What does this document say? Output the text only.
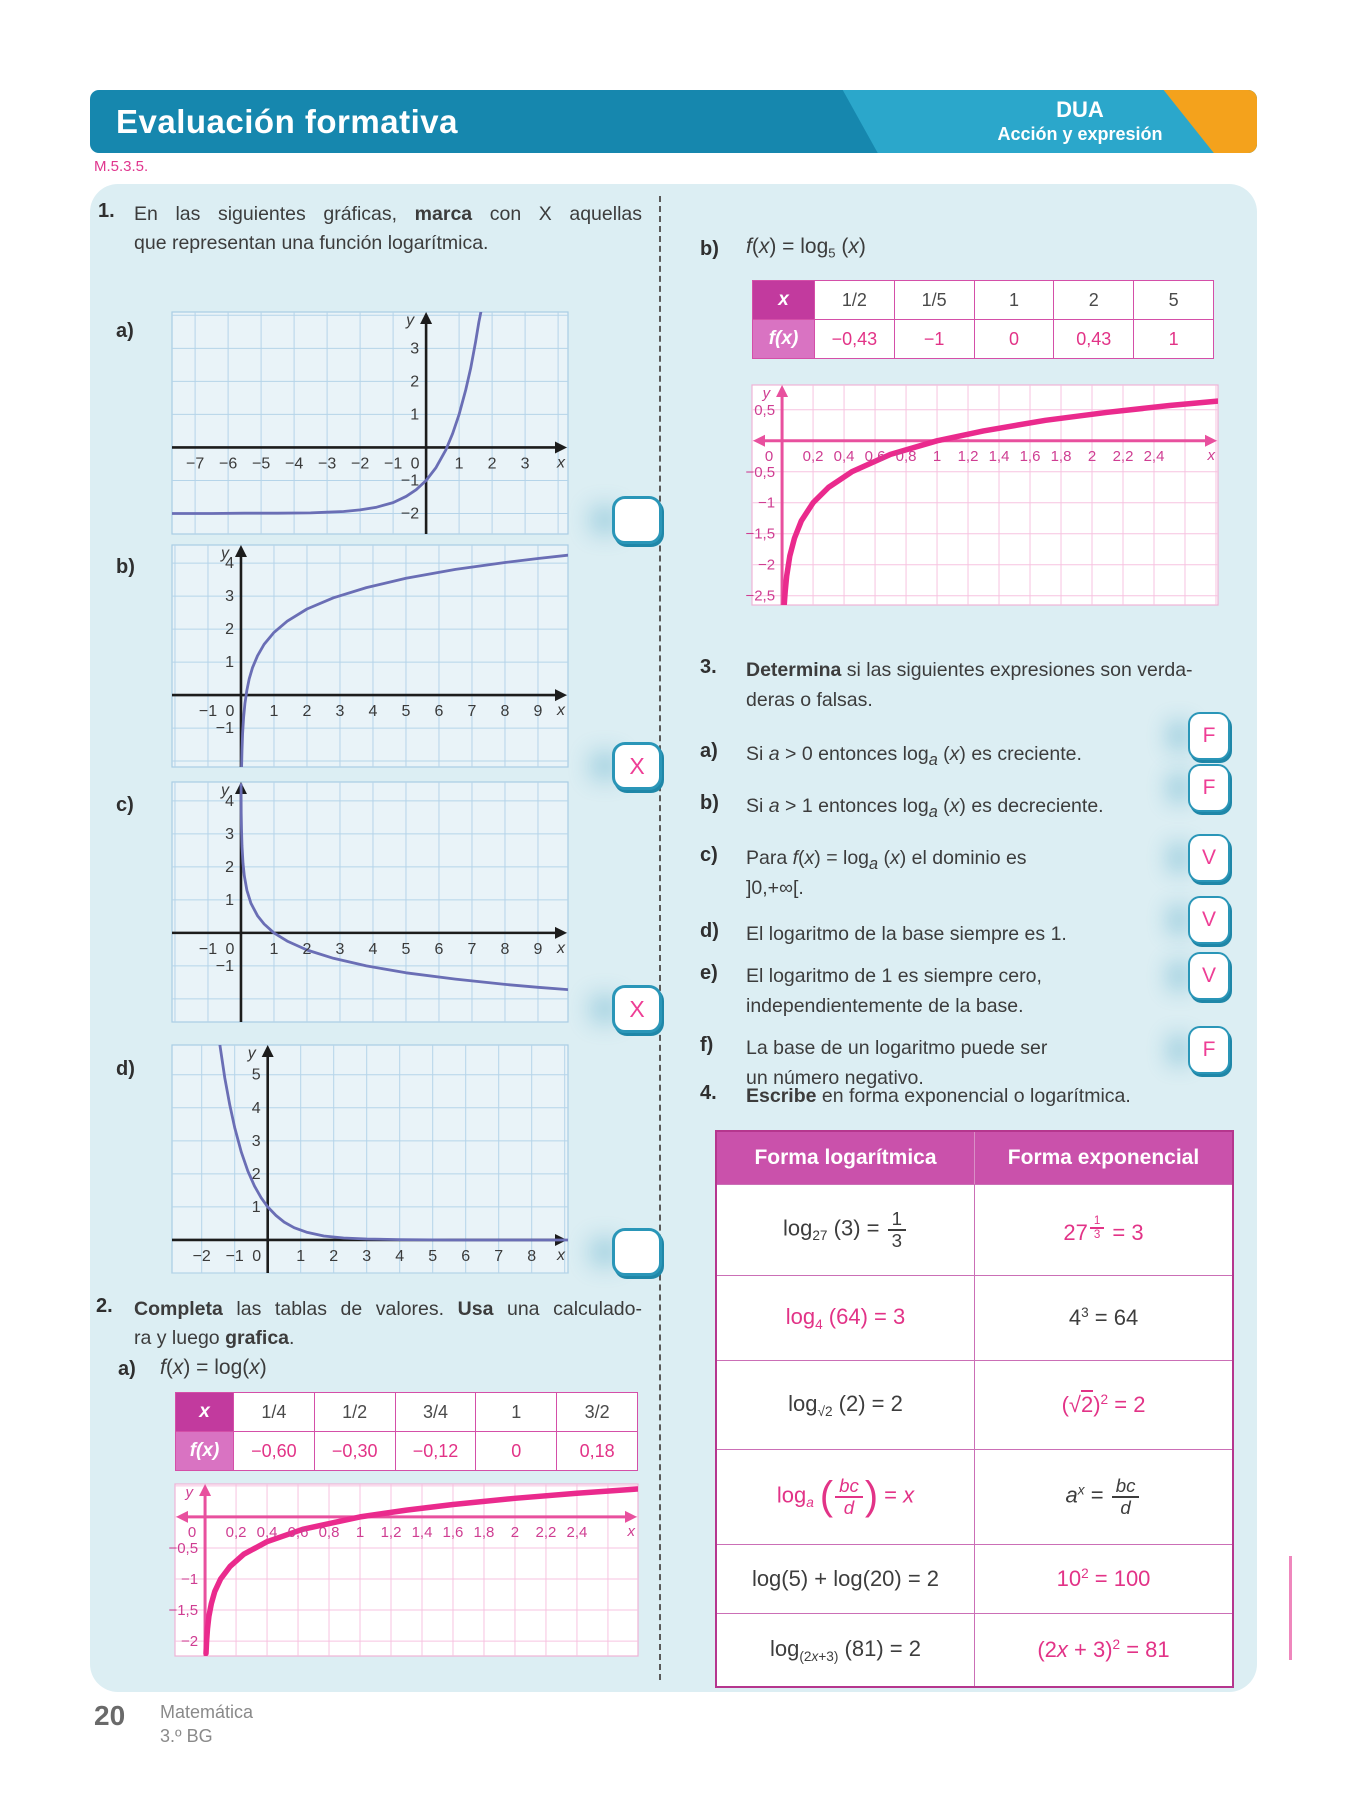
Evaluación formativa	DUA
Acción y expresión
M.5.3.5.
1. En las siguientes gráficas, marca con X aquellas
que representan una función logarítmica.
a)
−7 −6 −5 −4 −3 −2 −1 0 1 2 3
3
2
1
−1
−2
y
x
b)
−1 0 1 2 3 4 5 6 7 8 9
4
3
2
1
−1
y
x
X
c)
−1 0 1 2 3 4 5 6 7 8 9
4
3
2
1
−1
y
x
X
d)
−2 −1 0 1 2 3 4 5 6 7 8
5
4
3
2
1
y
x
2. Completa las tablas de valores. Usa una calculado-
ra y luego grafica.
a) f(x) = log(x)
x	1/4	1/2	3/4	1	3/2
f(x)	−0,60	−0,30	−0,12	0	0,18
0 0,2 0,4 0,6 0,8 1 1,2 1,4 1,6 1,8 2 2,2 2,4
−0,5
−1
−1,5
−2
y
x
b) $f(x) = \log_5 (x)$
x	1/2	1/5	1	2	5
f(x)	−0,43	−1	0	0,43	1
0 0,2 0,4 0,6 0,8 1 1,2 1,4 1,6 1,8 2 2,2 2,4
0,5
−0,5
−1
−1,5
−2
−2,5
y
x
3. Determina si las siguientes expresiones son verda-
deras o falsas.
a) Si a > 0 entonces $\log_a (x)$ es creciente.
F
b) Si a > 1 entonces $\log_a (x)$ es decreciente.
F
c) Para $f(x) = \log_a (x)$ el dominio es
]0,+∞[.
V
d) El logaritmo de la base siempre es 1.
V
e) El logaritmo de 1 es siempre cero,
independientemente de la base.
V
f) La base de un logaritmo puede ser
un número negativo.
F
4. Escribe en forma exponencial o logarítmica.
Forma logarítmica	Forma exponencial
$\log_{27} (3) = \frac{1}{3}$	27 $^{\frac{1}{3}}$ = 3
$\log_4 (64) = 3$	$4^3 = 64$
$\log_{√2} (2) = 2$	$(√2)^2 = 2$
$\log_a$ ( $\frac{bc}{d}$ ) = x	$a^x = \frac{bc}{d}$
log(5) + log(20) = 2	$10^2 = 100$
$\log_{(2x+3)} (81) = 2$	$(2x + 3)^2 = 81$
20 Matemática
3.º BG
